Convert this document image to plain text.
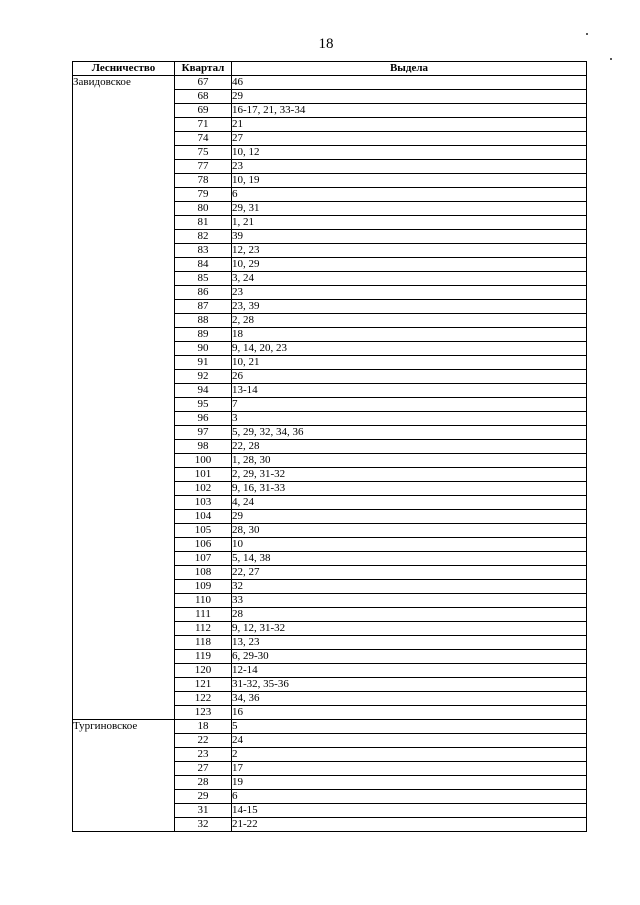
18
Лесничество	Квартал	Выдела
Завидовское	67	46
	68	29
	69	16-17, 21, 33-34
	71	21
	74	27
	75	10, 12
	77	23
	78	10, 19
	79	6
	80	29, 31
	81	1, 21
	82	39
	83	12, 23
	84	10, 29
	85	3, 24
	86	23
	87	23, 39
	88	2, 28
	89	18
	90	9, 14, 20, 23
	91	10, 21
	92	26
	94	13-14
	95	7
	96	3
	97	5, 29, 32, 34, 36
	98	22, 28
	100	1, 28, 30
	101	2, 29, 31-32
	102	9, 16, 31-33
	103	4, 24
	104	29
	105	28, 30
	106	10
	107	5, 14, 38
	108	22, 27
	109	32
	110	33
	111	28
	112	9, 12, 31-32
	118	13, 23
	119	6, 29-30
	120	12-14
	121	31-32, 35-36
	122	34, 36
	123	16
Тургиновское	18	5
	22	24
	23	2
	27	17
	28	19
	29	6
	31	14-15
	32	21-22
